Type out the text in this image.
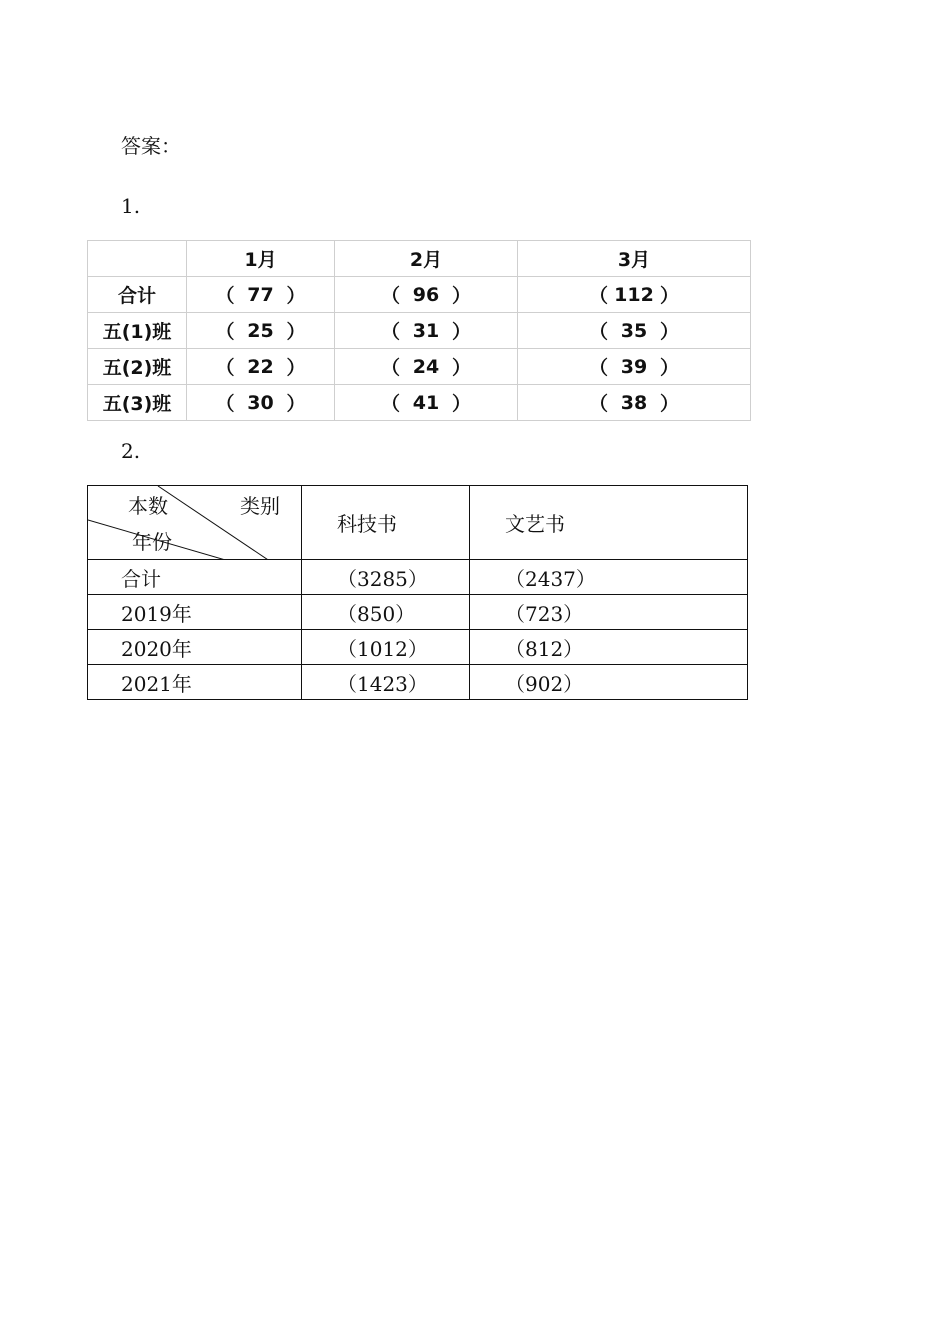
答案：
1.
	1月	2月	3月
合计	（ 77 ）	（ 96 ）	（ 112 ）

五(1)班	（ 25 ）	（ 31 ）	（ 35 ）

五(2)班	（ 22 ）	（ 24 ）	（ 39 ）

五(3)班	（ 30 ）	（ 41 ）	（ 38 ）
2.
本数 类别
年份	科技书	文艺书
合计	（3285）	（2437）
2019年	（850）	（723）
2020年	（1012）	（812）
2021年	（1423）	（902）
